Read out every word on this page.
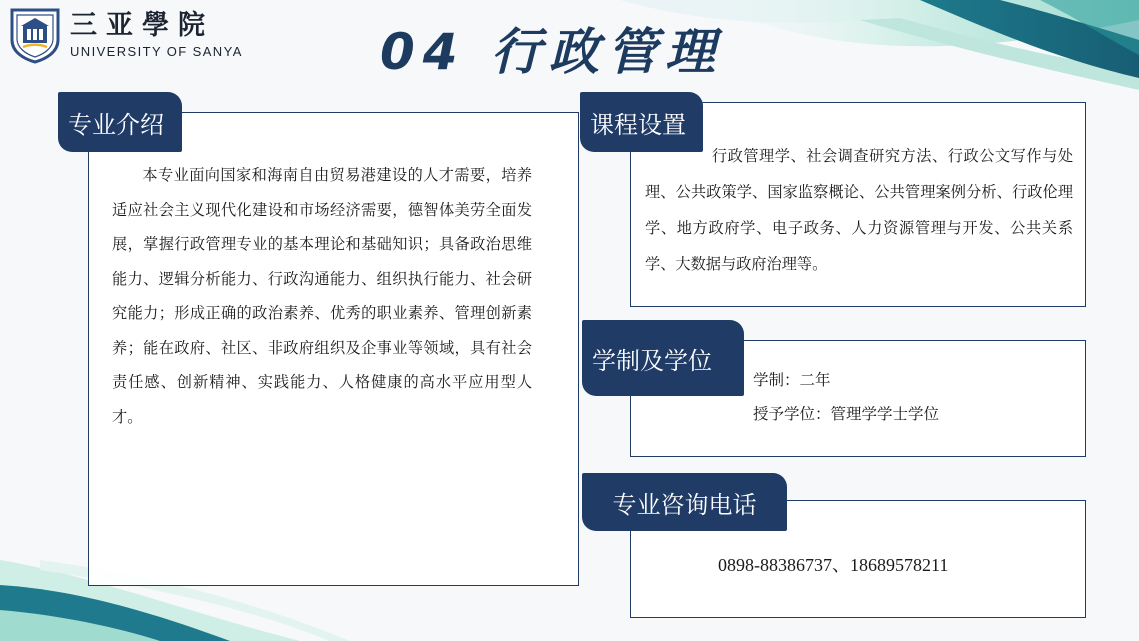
三亚學院
UNIVERSITY OF SANYA	04 行政管理
专业介绍
本专业面向国家和海南自由贸易港建设的人才需要，培养适应社会主义现代化建设和市场经济需要，德智体美劳全面发展，掌握行政管理专业的基本理论和基础知识；具备政治思维能力、逻辑分析能力、行政沟通能力、组织执行能力、社会研究能力；形成正确的政治素养、优秀的职业素养、管理创新素养；能在政府、社区、非政府组织及企事业等领域，具有社会责任感、创新精神、实践能力、人格健康的高水平应用型人才。
课程设置
行政管理学、社会调查研究方法、行政公文写作与处理、公共政策学、国家监察概论、公共管理案例分析、行政伦理学、地方政府学、电子政务、人力资源管理与开发、公共关系学、大数据与政府治理等。
学制及学位
学制：二年
授予学位：管理学学士学位
专业咨询电话
0898-88386737、18689578211
